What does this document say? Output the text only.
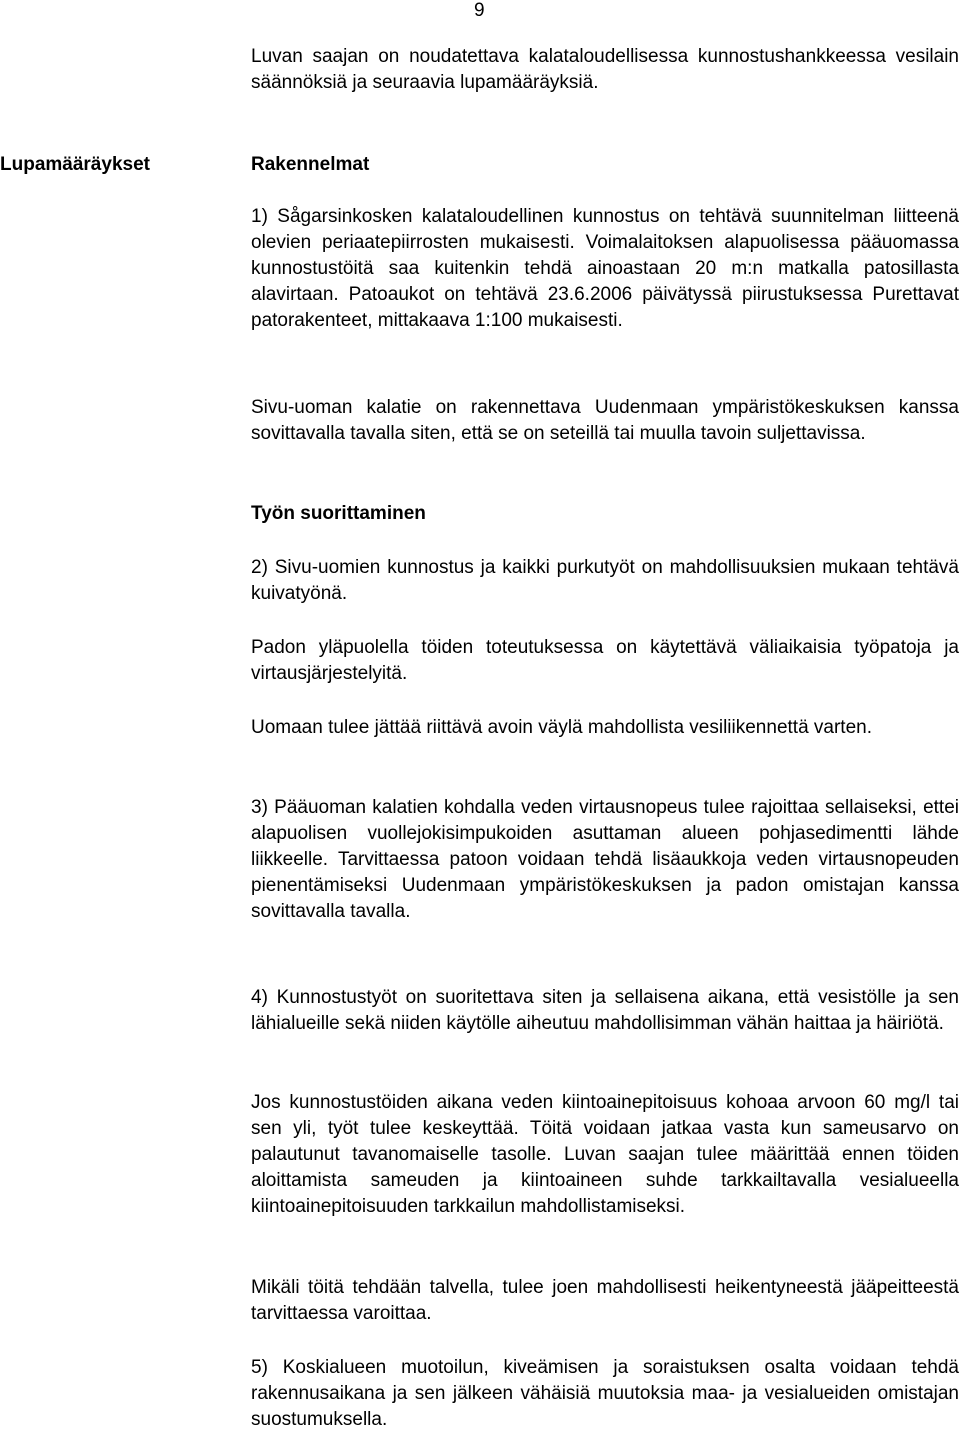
9
Lupamääräykset

Luvan saajan on noudatettava kalataloudellisessa kunnostushankkeessa vesilain säännöksiä ja seuraavia lupamääräyksiä.

Rakennelmat

1) Sågarsinkosken kalataloudellinen kunnostus on tehtävä suunnitelman liitteenä olevien periaatepiirrosten mukaisesti. Voimalaitoksen alapuolisessa pääuomassa kunnostustöitä saa kuitenkin tehdä ainoastaan 20 m:n matkalla patosillasta alavirtaan. Patoaukot on tehtävä 23.6.2006 päivätyssä piirustuksessa Purettavat patorakenteet, mittakaava 1:100 mukaisesti.

Sivu-uoman kalatie on rakennettava Uudenmaan ympäristökeskuksen kanssa sovittavalla tavalla siten, että se on seteillä tai muulla tavoin suljettavissa.

Työn suorittaminen

2) Sivu-uomien kunnostus ja kaikki purkutyöt on mahdollisuuksien mukaan tehtävä kuivatyönä.

Padon yläpuolella töiden toteutuksessa on käytettävä väliaikaisia työpatoja ja virtausjärjestelyitä.

Uomaan tulee jättää riittävä avoin väylä mahdollista vesiliikennettä varten.

3) Pääuoman kalatien kohdalla veden virtausnopeus tulee rajoittaa sellaiseksi, ettei alapuolisen vuollejokisimpukoiden asuttaman alueen pohjasedimentti lähde liikkeelle. Tarvittaessa patoon voidaan tehdä lisäaukkoja veden virtausnopeuden pienentämiseksi Uudenmaan ympäristökeskuksen ja padon omistajan kanssa sovittavalla tavalla.

4) Kunnostustyöt on suoritettava siten ja sellaisena aikana, että vesistölle ja sen lähialueille sekä niiden käytölle aiheutuu mahdollisimman vähän haittaa ja häiriötä.

Jos kunnostustöiden aikana veden kiintoainepitoisuus kohoaa arvoon 60 mg/l tai sen yli, työt tulee keskeyttää. Töitä voidaan jatkaa vasta kun sameusarvo on palautunut tavanomaiselle tasolle. Luvan saajan tulee määrittää ennen töiden aloittamista sameuden ja kiintoaineen suhde tarkkailtavalla vesialueella kiintoainepitoisuuden tarkkailun mahdollistamiseksi.

Mikäli töitä tehdään talvella, tulee joen mahdollisesti heikentyneestä jääpeitteestä tarvittaessa varoittaa.

5) Koskialueen muotoilun, kiveämisen ja soraistuksen osalta voidaan tehdä rakennusaikana ja sen jälkeen vähäisiä muutoksia maa- ja vesialueiden omistajan suostumuksella.
